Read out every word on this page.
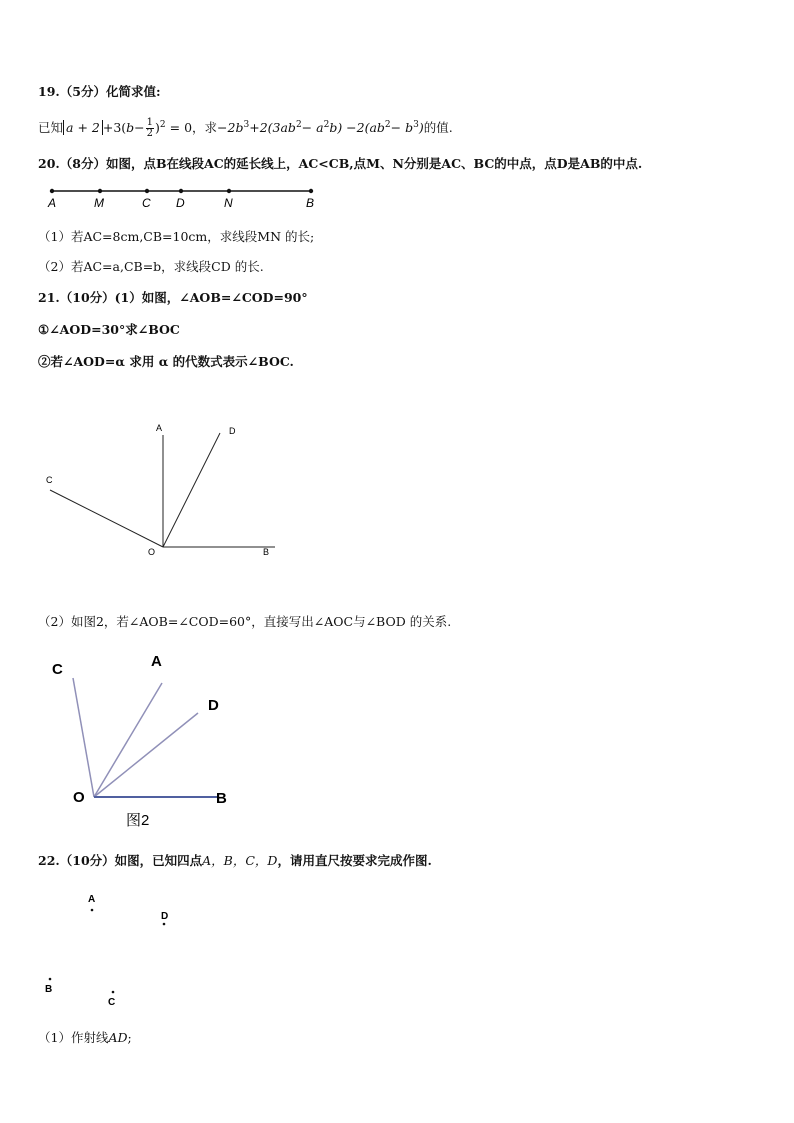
19.（5分）化简求值:
已知 $a + 2 +3(b- \frac{1}{2} )^2 = 0$，求$-2b^3+2(3ab^2- a^2b) -2(ab^2- b^3)$的值.
20.（8分）如图，点B在线段AC的延长线上，AC<CB,点M、N分别是AC、BC的中点，点D是AB的中点.
A	M	C D	N	B
（1）若AC=8cm,CB=10cm，求线段MN 的长;
（2）若AC=a,CB=b，求线段CD 的长.
21.（10分）(1）如图，∠AOB=∠COD=90°
①∠AOD=30°求∠BOC
②若∠AOD=α 求用 α 的代数式表示∠BOC.
A	D
C
O	B
（2）如图2，若∠AOB=∠COD=60°，直接写出∠AOC与∠BOD 的关系.
C	A
D
O	B
图2
22.（10分）如图，已知四点A，B，C，D，请用直尺按要求完成作图.
A
D
B
C
（1）作射线AD;
